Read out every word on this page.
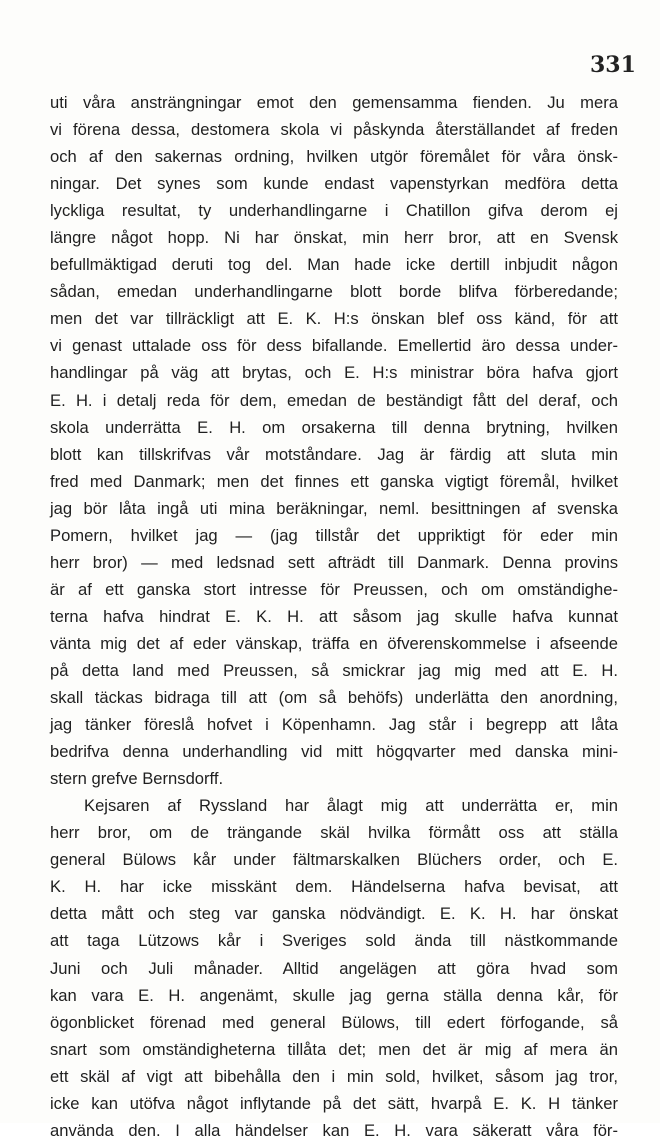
331
uti våra ansträngningar emot den gemensamma fienden. Ju mera
vi förena dessa, destomera skola vi påskynda återställandet af freden
och af den sakernas ordning, hvilken utgör föremålet för våra önsk-
ningar. Det synes som kunde endast vapenstyrkan medföra detta
lyckliga resultat, ty underhandlingarne i Chatillon gifva derom ej
längre något hopp. Ni har önskat, min herr bror, att en Svensk
befullmäktigad deruti tog del. Man hade icke dertill inbjudit någon
sådan, emedan underhandlingarne blott borde blifva förberedande;
men det var tillräckligt att E. K. H:s önskan blef oss känd, för att
vi genast uttalade oss för dess bifallande. Emellertid äro dessa under-
handlingar på väg att brytas, och E. H:s ministrar böra hafva gjort
E. H. i detalj reda för dem, emedan de beständigt fått del deraf, och
skola underrätta E. H. om orsakerna till denna brytning, hvilken
blott kan tillskrifvas vår motståndare. Jag är färdig att sluta min
fred med Danmark; men det finnes ett ganska vigtigt föremål, hvilket
jag bör låta ingå uti mina beräkningar, neml. besittningen af svenska
Pomern, hvilket jag — (jag tillstår det uppriktigt för eder min
herr bror) — med ledsnad sett afträdt till Danmark. Denna provins
är af ett ganska stort intresse för Preussen, och om omständighe-
terna hafva hindrat E. K. H. att såsom jag skulle hafva kunnat
vänta mig det af eder vänskap, träffa en öfverenskommelse i afseende
på detta land med Preussen, så smickrar jag mig med att E. H.
skall täckas bidraga till att (om så behöfs) underlätta den anordning,
jag tänker föreslå hofvet i Köpenhamn. Jag står i begrepp att låta
bedrifva denna underhandling vid mitt högqvarter med danska mini-
stern grefve Bernsdorff.
Kejsaren af Ryssland har ålagt mig att underrätta er, min
herr bror, om de trängande skäl hvilka förmått oss att ställa
general Bülows kår under fältmarskalken Blüchers order, och E.
K. H. har icke misskänt dem. Händelserna hafva bevisat, att
detta mått och steg var ganska nödvändigt. E. K. H. har önskat
att taga Lützows kår i Sveriges sold ända till nästkommande
Juni och Juli månader. Alltid angelägen att göra hvad som
kan vara E. H. angenämt, skulle jag gerna ställa denna kår, för
ögonblicket förenad med general Bülows, till edert förfogande, så
snart som omständigheterna tillåta det; men det är mig af mera än
ett skäl af vigt att bibehålla den i min sold, hvilket, såsom jag tror,
icke kan utöfva något inflytande på det sätt, hvarpå E. K. H tänker
använda den. I alla händelser kan E. H. vara säkeratt våra för-
